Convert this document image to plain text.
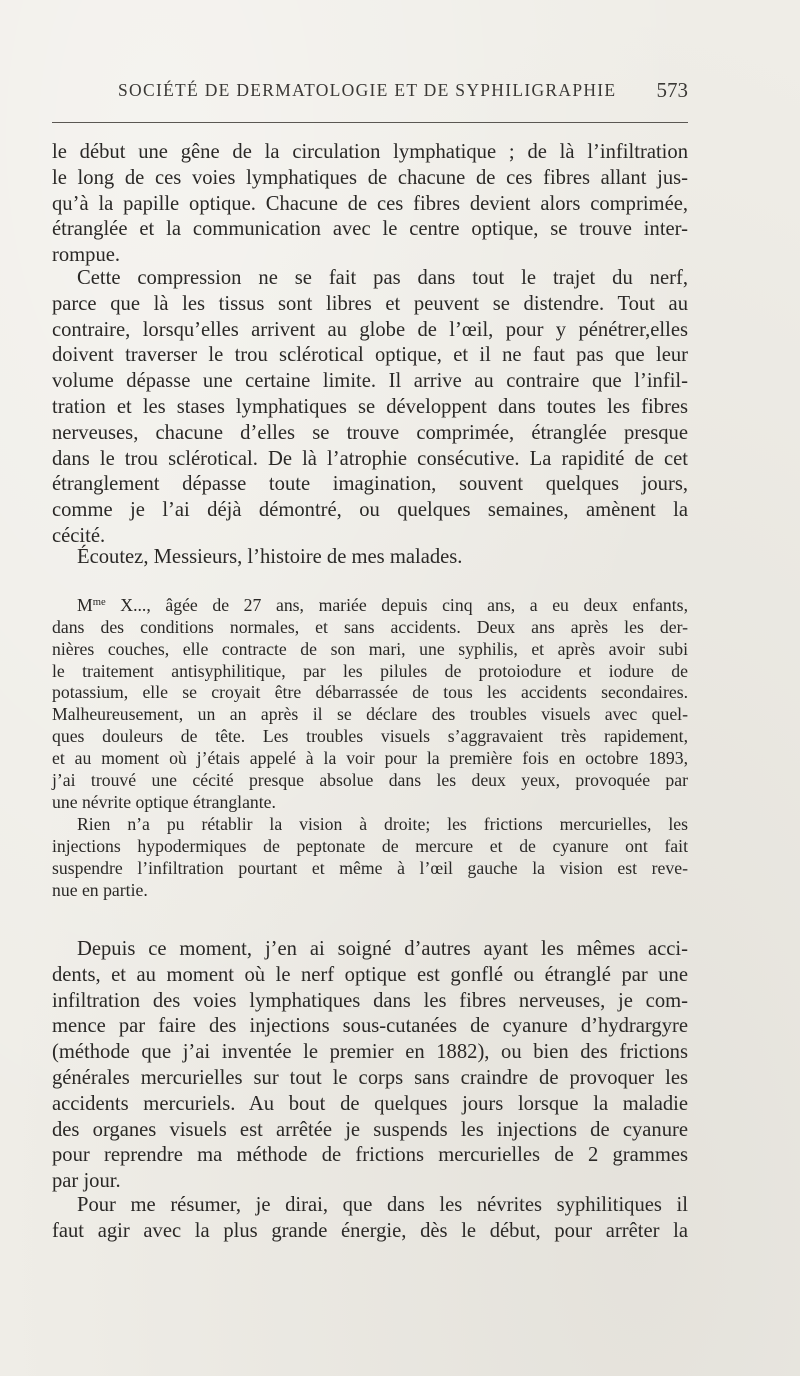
SOCIÉTÉ DE DERMATOLOGIE ET DE SYPHILIGRAPHIE 573
le début une gêne de la circulation lymphatique ; de là l’infiltration
le long de ces voies lymphatiques de chacune de ces fibres allant jus-
qu’à la papille optique. Chacune de ces fibres devient alors comprimée,
étranglée et la communication avec le centre optique, se trouve inter-
rompue.
Cette compression ne se fait pas dans tout le trajet du nerf,
parce que là les tissus sont libres et peuvent se distendre. Tout au
contraire, lorsqu’elles arrivent au globe de l’œil, pour y pénétrer,elles
doivent traverser le trou sclérotical optique, et il ne faut pas que leur
volume dépasse une certaine limite. Il arrive au contraire que l’infil-
tration et les stases lymphatiques se développent dans toutes les fibres
nerveuses, chacune d’elles se trouve comprimée, étranglée presque
dans le trou sclérotical. De là l’atrophie consécutive. La rapidité de cet
étranglement dépasse toute imagination, souvent quelques jours,
comme je l’ai déjà démontré, ou quelques semaines, amènent la
cécité.
Écoutez, Messieurs, l’histoire de mes malades.
$M^{me}$ X..., âgée de 27 ans, mariée depuis cinq ans, a eu deux enfants,
dans des conditions normales, et sans accidents. Deux ans après les der-
nières couches, elle contracte de son mari, une syphilis, et après avoir subi
le traitement antisyphilitique, par les pilules de protoiodure et iodure de
potassium, elle se croyait être débarrassée de tous les accidents secondaires.
Malheureusement, un an après il se déclare des troubles visuels avec quel-
ques douleurs de tête. Les troubles visuels s’aggravaient très rapidement,
et au moment où j’étais appelé à la voir pour la première fois en octobre 1893,
j’ai trouvé une cécité presque absolue dans les deux yeux, provoquée par
une névrite optique étranglante.
Rien n’a pu rétablir la vision à droite; les frictions mercurielles, les
injections hypodermiques de peptonate de mercure et de cyanure ont fait
suspendre l’infiltration pourtant et même à l’œil gauche la vision est reve-
nue en partie.
Depuis ce moment, j’en ai soigné d’autres ayant les mêmes acci-
dents, et au moment où le nerf optique est gonflé ou étranglé par une
infiltration des voies lymphatiques dans les fibres nerveuses, je com-
mence par faire des injections sous-cutanées de cyanure d’hydrargyre
(méthode que j’ai inventée le premier en 1882), ou bien des frictions
générales mercurielles sur tout le corps sans craindre de provoquer les
accidents mercuriels. Au bout de quelques jours lorsque la maladie
des organes visuels est arrêtée je suspends les injections de cyanure
pour reprendre ma méthode de frictions mercurielles de 2 grammes
par jour.
Pour me résumer, je dirai, que dans les névrites syphilitiques il
faut agir avec la plus grande énergie, dès le début, pour arrêter la
